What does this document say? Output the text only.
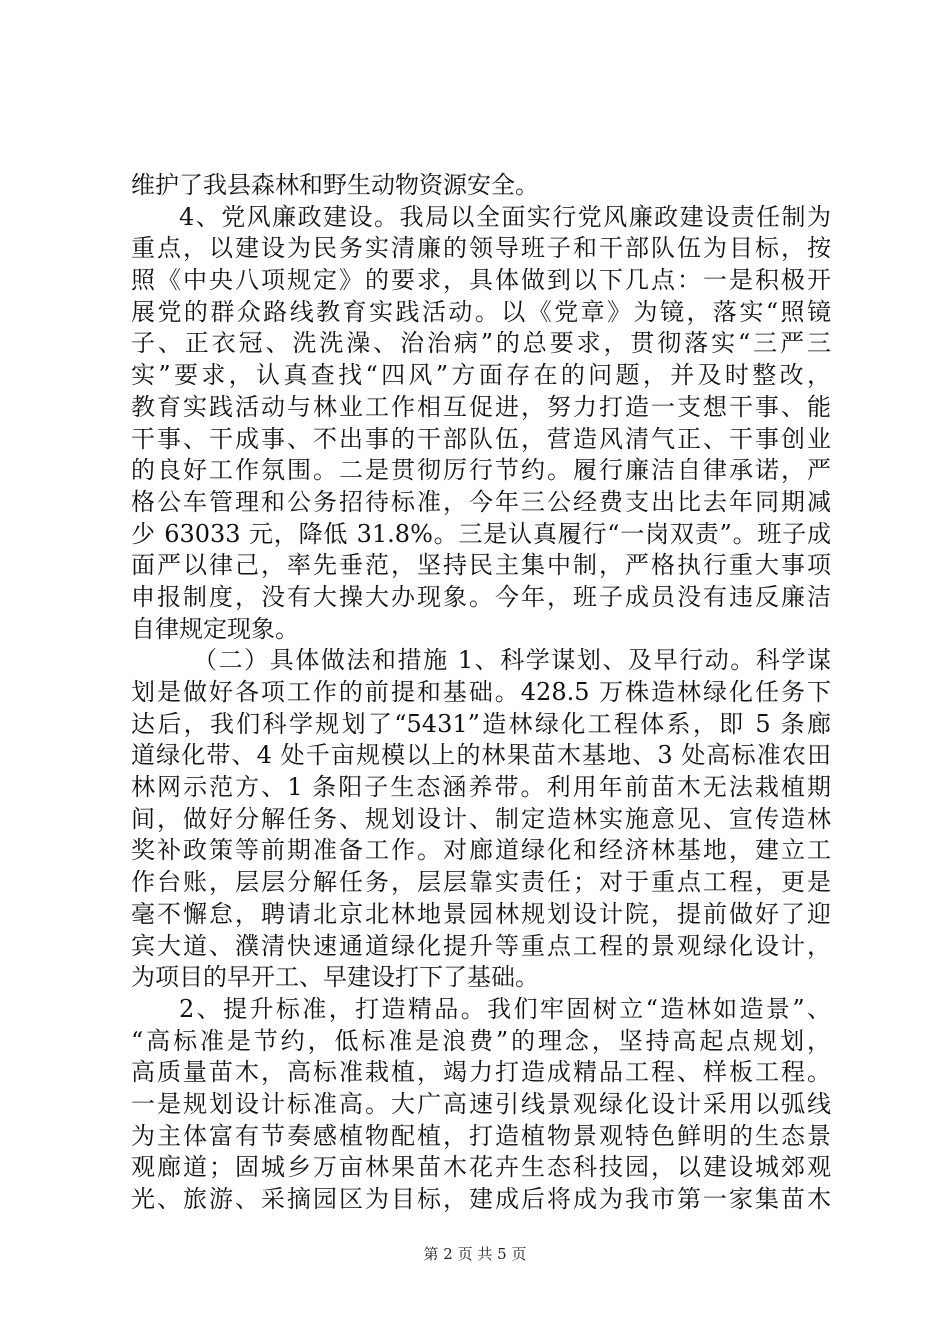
维护了我县森林和野生动物资源安全。
4、党风廉政建设。我局以全面实行党风廉政建设责任制为
重点，以建设为民务实清廉的领导班子和干部队伍为目标，按
照《中央八项规定》的要求，具体做到以下几点：一是积极开
展党的群众路线教育实践活动。以《党章》为镜，落实“照镜
子、正衣冠、洗洗澡、治治病”的总要求，贯彻落实“三严三
实”要求，认真查找“四风”方面存在的问题，并及时整改，
教育实践活动与林业工作相互促进，努力打造一支想干事、能
干事、干成事、不出事的干部队伍，营造风清气正、干事创业
的良好工作氛围。二是贯彻厉行节约。履行廉洁自律承诺，严
格公车管理和公务招待标准，今年三公经费支出比去年同期减
少 63033 元，降低 31.8%。三是认真履行“一岗双责”。班子成
面严以律己，率先垂范，坚持民主集中制，严格执行重大事项
申报制度，没有大操大办现象。今年，班子成员没有违反廉洁
自律规定现象。
（二）具体做法和措施 1、科学谋划、及早行动。科学谋
划是做好各项工作的前提和基础。428.5 万株造林绿化任务下
达后，我们科学规划了“5431”造林绿化工程体系，即 5 条廊
道绿化带、4 处千亩规模以上的林果苗木基地、3 处高标准农田
林网示范方、1 条阳子生态涵养带。利用年前苗木无法栽植期
间，做好分解任务、规划设计、制定造林实施意见、宣传造林
奖补政策等前期准备工作。对廊道绿化和经济林基地，建立工
作台账，层层分解任务，层层靠实责任；对于重点工程，更是
毫不懈怠，聘请北京北林地景园林规划设计院，提前做好了迎
宾大道、濮清快速通道绿化提升等重点工程的景观绿化设计，
为项目的早开工、早建设打下了基础。
2、提升标准，打造精品。我们牢固树立“造林如造景”、
“高标准是节约，低标准是浪费”的理念，坚持高起点规划，
高质量苗木，高标准栽植，竭力打造成精品工程、样板工程。
一是规划设计标准高。大广高速引线景观绿化设计采用以弧线
为主体富有节奏感植物配植，打造植物景观特色鲜明的生态景
观廊道；固城乡万亩林果苗木花卉生态科技园，以建设城郊观
光、旅游、采摘园区为目标，建成后将成为我市第一家集苗木
第 2 页 共 5 页
